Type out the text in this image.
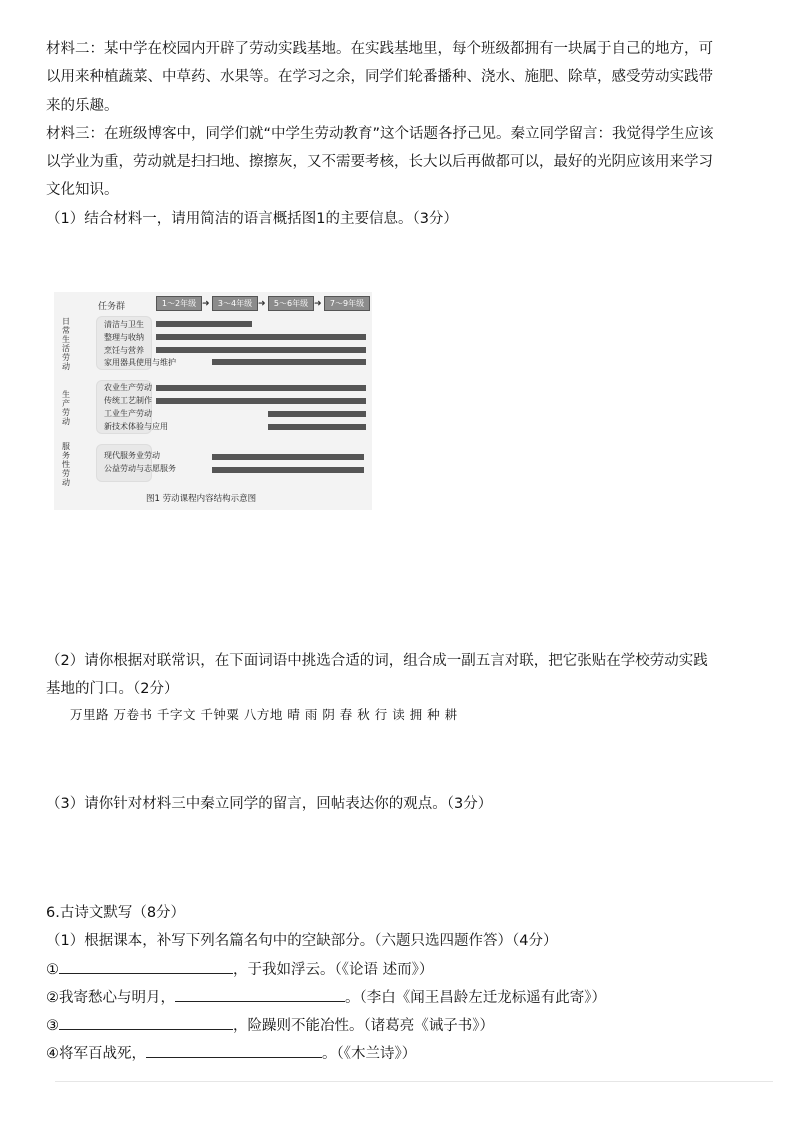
材料二：某中学在校园内开辟了劳动实践基地。在实践基地里，每个班级都拥有一块属于自己的地方，可
以用来种植蔬菜、中草药、水果等。在学习之余，同学们轮番播种、浇水、施肥、除草，感受劳动实践带
来的乐趣。
材料三：在班级博客中，同学们就“中学生劳动教育”这个话题各抒己见。秦立同学留言：我觉得学生应该
以学业为重，劳动就是扫扫地、擦擦灰，又不需要考核，长大以后再做都可以，最好的光阴应该用来学习
文化知识。
（1）结合材料一，请用简洁的语言概括图1的主要信息。（3分）
任务群	1～2年级 ➜	3～4年级 ➜	5～6年级 ➜	7～9年级
日常生活劳动
清洁与卫生
整理与收纳
烹饪与营养
家用器具使用与维护
生产劳动
农业生产劳动
传统工艺制作
工业生产劳动
新技术体验与应用
服务性劳动
现代服务业劳动
公益劳动与志愿服务
图1 劳动课程内容结构示意图
（2）请你根据对联常识，在下面词语中挑选合适的词，组合成一副五言对联，把它张贴在学校劳动实践
基地的门口。（2分）
万里路 万卷书 千字文 千钟粟 八方地 晴 雨 阴 春 秋 行 读 拥 种 耕
（3）请你针对材料三中秦立同学的留言，回帖表达你的观点。（3分）
6.古诗文默写（8分）
（1）根据课本，补写下列名篇名句中的空缺部分。（六题只选四题作答）（4分）
①	，于我如浮云。（《论语 述而》）
②我寄愁心与明月，	。（李白《闻王昌龄左迁龙标遥有此寄》）
③	，险躁则不能冶性。（诸葛亮《诫子书》）
④将军百战死，	。（《木兰诗》）
